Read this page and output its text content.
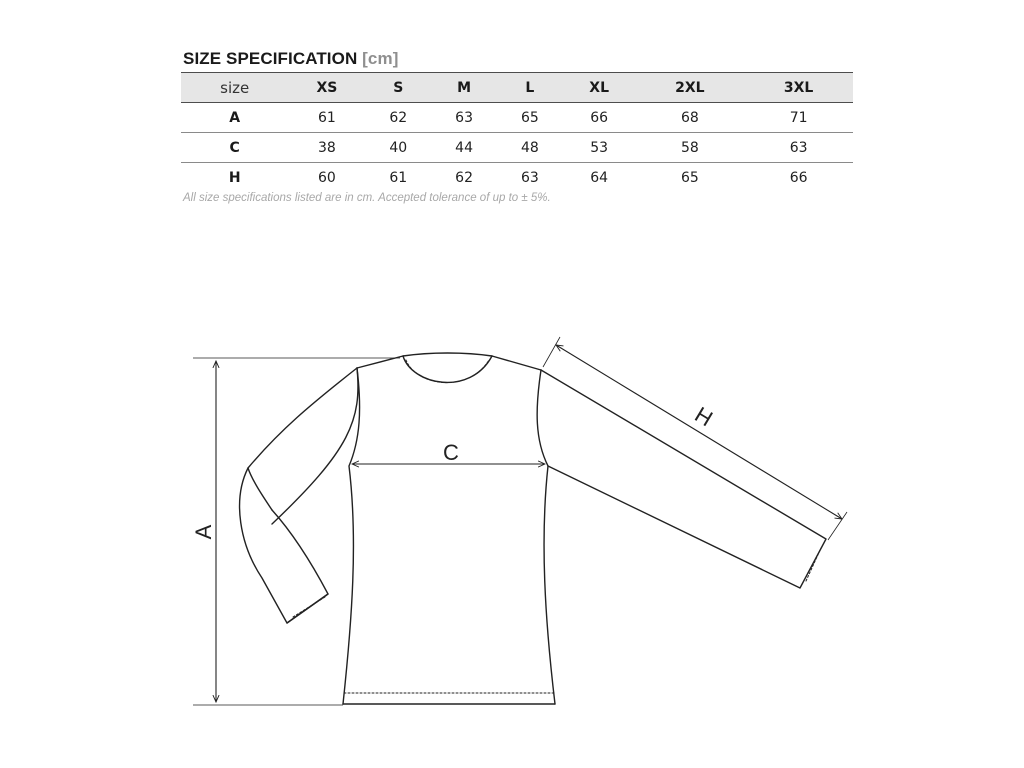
SIZE SPECIFICATION [cm]
size	XS	S	M	L	XL	2XL	3XL
A	61	62	63	65	66	68	71
C	38	40	44	48	53	58	63
H	60	61	62	63	64	65	66
All size specifications listed are in cm. Accepted tolerance of up to ± 5%.
A
C
H
